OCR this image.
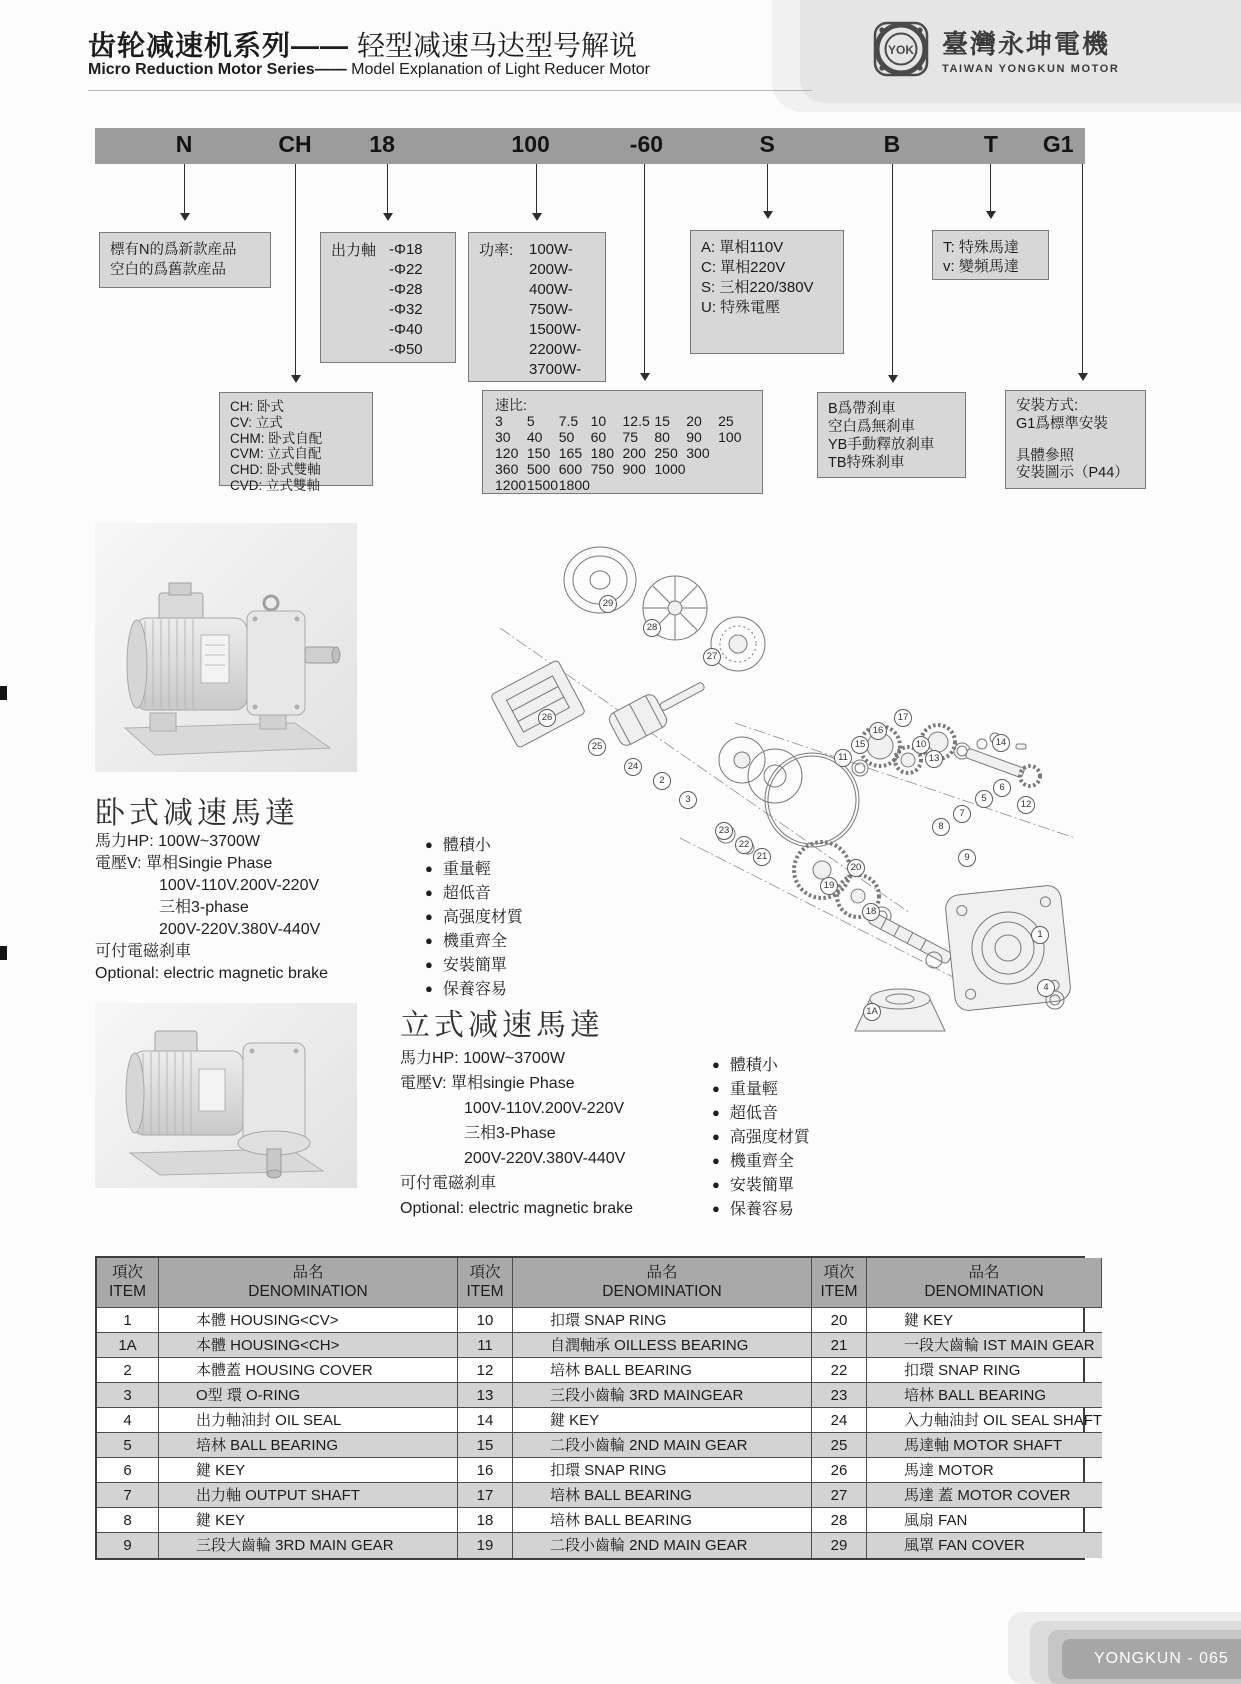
齿轮减速机系列—— 轻型减速马达型号解说
Micro Reduction Motor Series—— Model Explanation of Light Reducer Motor
YOK 臺灣永坤電機
TAIWAN YONGKUN MOTOR
N	CH	18	100	-60	S	B	T G1
標有N的爲新款産品
空白的爲舊款産品
出力軸 -Φ18
-Φ22
-Φ28
-Φ32
-Φ40
-Φ50
功率: 100W-
200W-
400W-
750W-
1500W-
2200W-
3700W-
A: 單相110V
C: 單相220V
S: 三相220/380V
U: 特殊電壓
T: 特殊馬達
v: 變頻馬達
CH: 卧式
CV: 立式
CHM: 卧式自配
CVM: 立式自配
CHD: 卧式雙軸
CVD: 立式雙軸
速比:
3	5	7.5 10	12.5 15	20	25
30	40	50	60	75	80	90	100
120 150 165 180 200 250 300
360 500 600 750 900 1000
1200 1500 1800
B爲帶刹車
空白爲無刹車
YB手動釋放刹車
TB特殊刹車
安裝方式:
G1爲標準安裝
具體參照
安裝圖示（P44）
卧式减速馬達
馬力HP: 100W~3700W
電壓V: 單相Singie Phase
100V-110V.200V-220V
三相3-phase
200V-220V.380V-440V
可付電磁刹車
Optional: electric magnetic brake
● 體積小
● 重量輕
● 超低音
● 高强度材質
● 機重齊全
● 安裝簡單
● 保養容易
立式减速馬達
馬力HP: 100W~3700W
電壓V: 單相singie Phase
100V-110V.200V-220V
三相3-Phase
200V-220V.380V-440V
可付電磁刹車
Optional: electric magnetic brake
● 體積小
● 重量輕
● 超低音
● 高强度材質
● 機重齊全
● 安裝簡單
● 保養容易
29
28
27
26
25
24
2
3
23
22
21
19
18
11
15
16
17
10
13
14
12
5
6
7
8
9
20
4
1A
1
項次
ITEM
品名
DENOMINATION
1	本體 HOUSING<CV>
1A	本體 HOUSING<CH>
2	本體蓋 HOUSING COVER
3	O型 環 O-RING
4	出力軸油封 OIL SEAL
5	培林 BALL BEARING
6	鍵 KEY
7	出力軸 OUTPUT SHAFT
8	鍵 KEY
9	三段大齒輪 3RD MAIN GEAR
項次
ITEM
品名
DENOMINATION
10	扣環 SNAP RING
11	自潤軸承 OILLESS BEARING
12	培林 BALL BEARING
13	三段小齒輪 3RD MAINGEAR
14	鍵 KEY
15	二段小齒輪 2ND MAIN GEAR
16	扣環 SNAP RING
17	培林 BALL BEARING
18	培林 BALL BEARING
19	二段小齒輪 2ND MAIN GEAR
項次
ITEM
品名
DENOMINATION
20	鍵 KEY
21	一段大齒輪 IST MAIN GEAR
22	扣環 SNAP RING
23	培林 BALL BEARING
24	入力軸油封 OIL SEAL SHAFT
25	馬達軸 MOTOR SHAFT
26	馬達 MOTOR
27	馬達 蓋 MOTOR COVER
28	風扇 FAN
29	風罩 FAN COVER
YONGKUN - 065
